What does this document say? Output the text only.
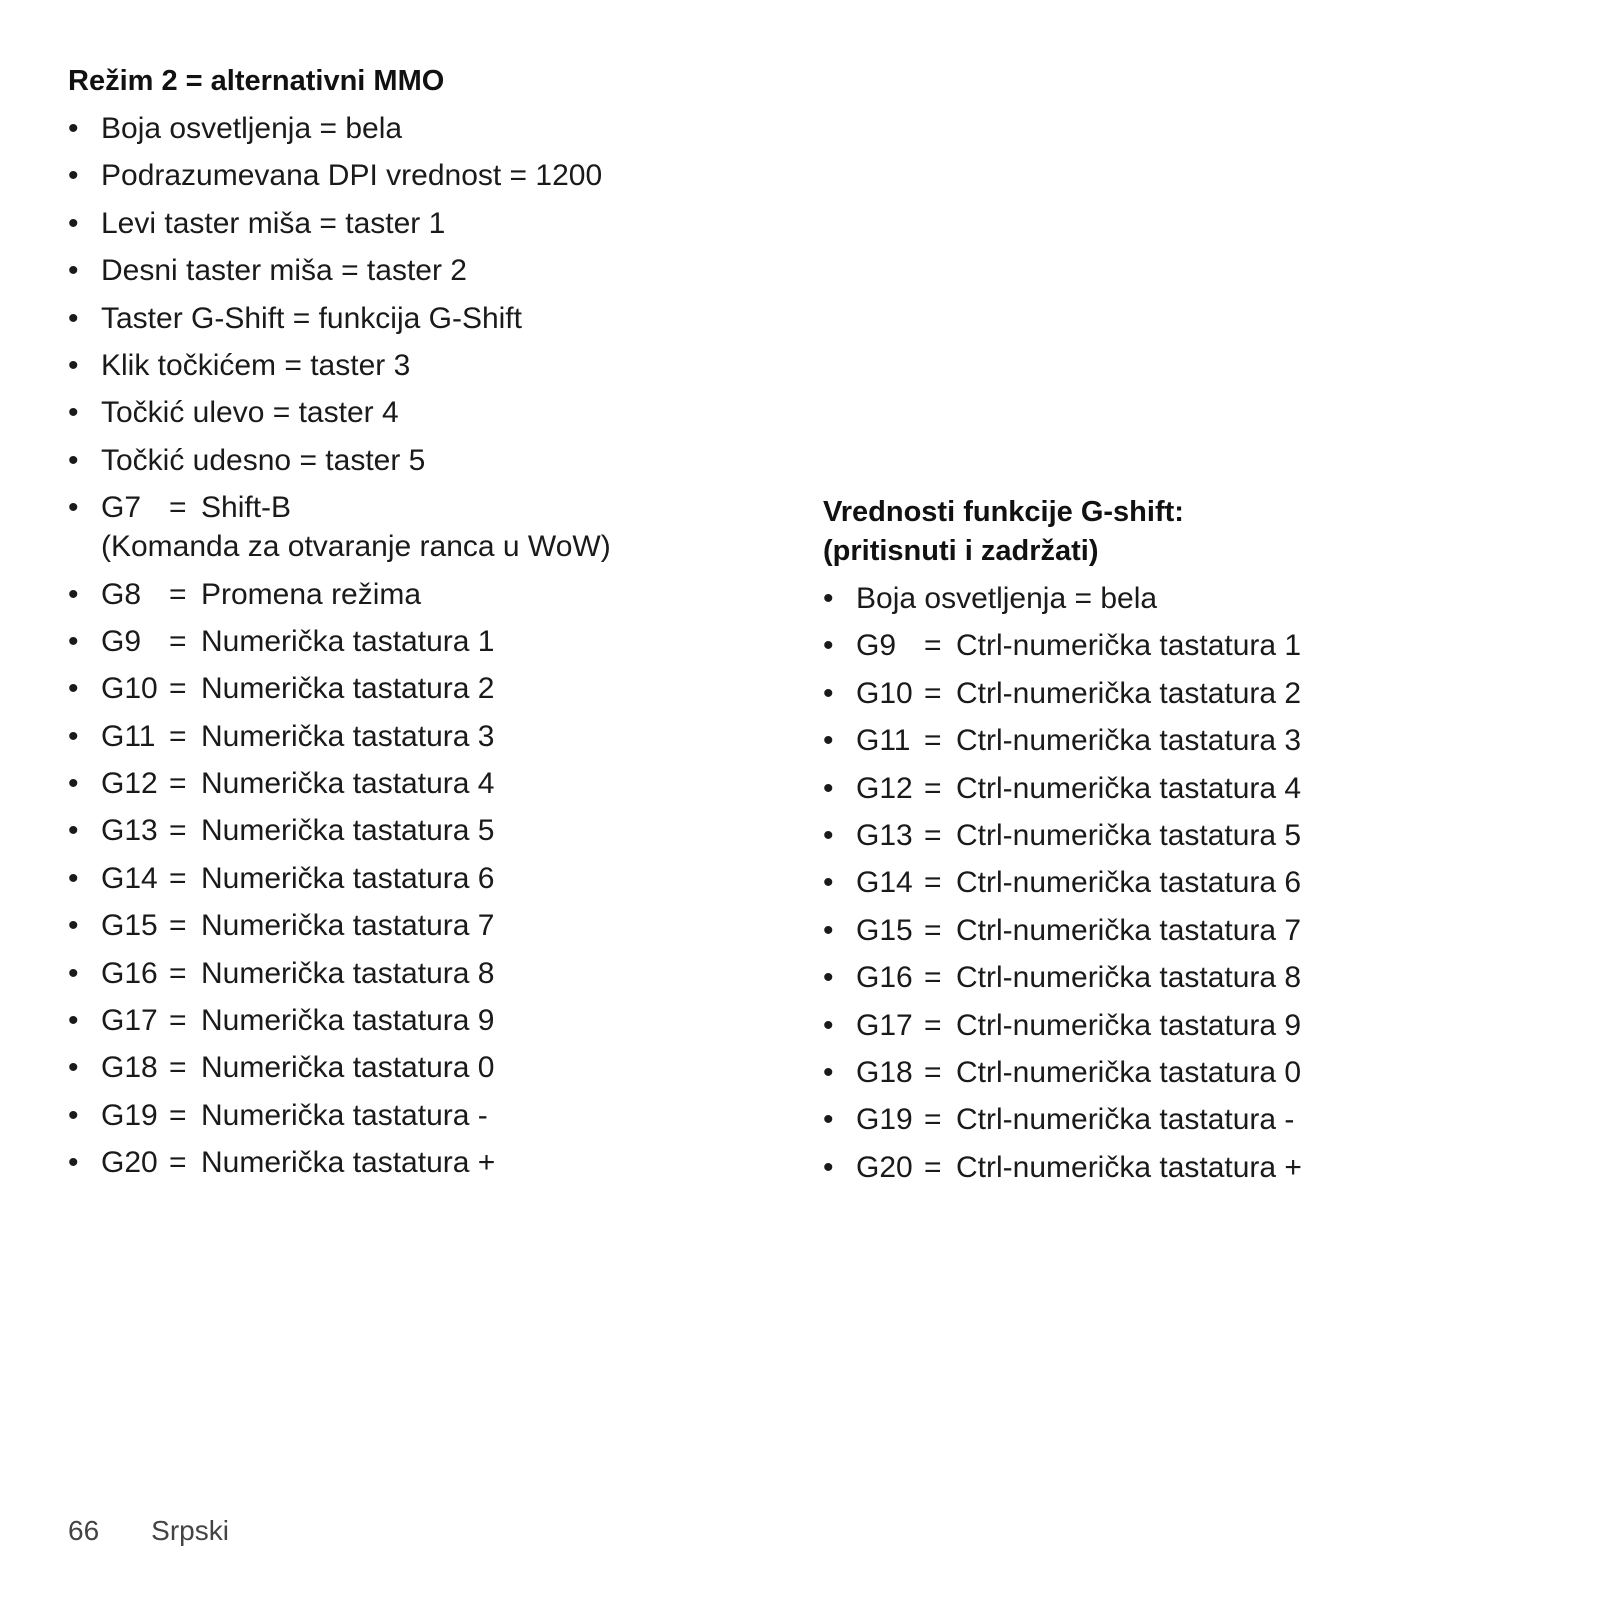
Režim 2 = alternativni MMO
• Boja osvetljenja = bela
• Podrazumevana DPI vrednost = 1200
• Levi taster miša = taster 1
• Desni taster miša = taster 2
• Taster G-Shift = funkcija G-Shift
• Klik točkićem = taster 3
• Točkić ulevo = taster 4
• Točkić udesno = taster 5
• G7 = Shift-B
(Komanda za otvaranje ranca u WoW)
• G8 = Promena režima
• G9 = Numerička tastatura 1
• G10 = Numerička tastatura 2
• G11 = Numerička tastatura 3
• G12 = Numerička tastatura 4
• G13 = Numerička tastatura 5
• G14 = Numerička tastatura 6
• G15 = Numerička tastatura 7
• G16 = Numerička tastatura 8
• G17 = Numerička tastatura 9
• G18 = Numerička tastatura 0
• G19 = Numerička tastatura -
• G20 = Numerička tastatura +
Vrednosti funkcije G-shift:
(pritisnuti i zadržati)
• Boja osvetljenja = bela
• G9 = Ctrl-numerička tastatura 1
• G10 = Ctrl-numerička tastatura 2
• G11 = Ctrl-numerička tastatura 3
• G12 = Ctrl-numerička tastatura 4
• G13 = Ctrl-numerička tastatura 5
• G14 = Ctrl-numerička tastatura 6
• G15 = Ctrl-numerička tastatura 7
• G16 = Ctrl-numerička tastatura 8
• G17 = Ctrl-numerička tastatura 9
• G18 = Ctrl-numerička tastatura 0
• G19 = Ctrl-numerička tastatura -
• G20 = Ctrl-numerička tastatura +
66 Srpski
